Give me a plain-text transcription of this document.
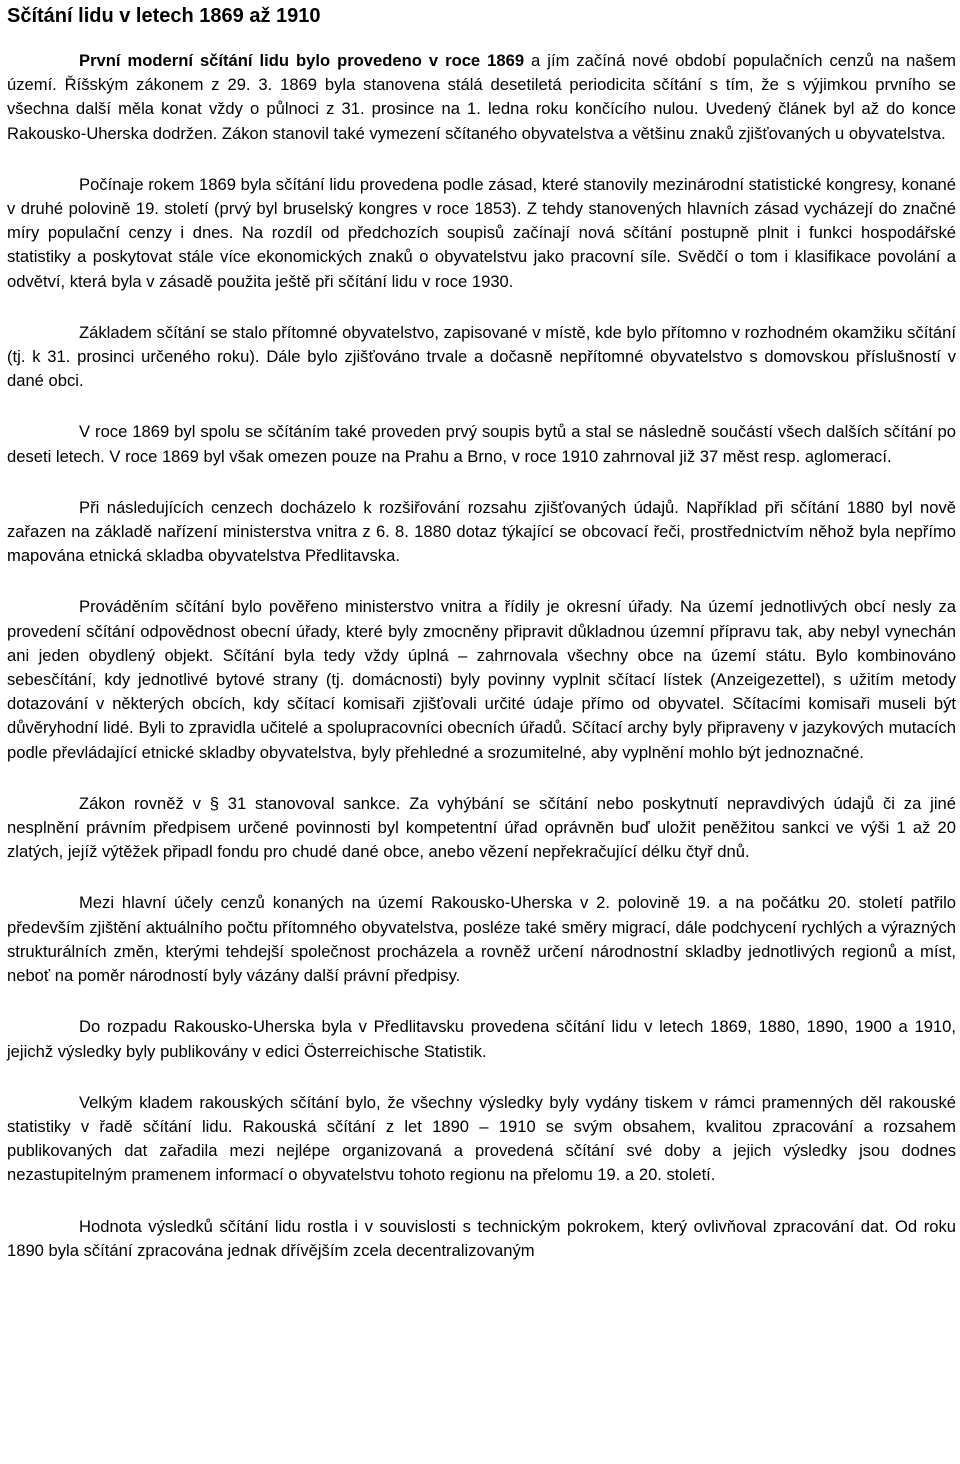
Sčítání lidu v letech 1869 až 1910

První moderní sčítání lidu bylo provedeno v roce 1869 a jím začíná nové období populačních cenzů na našem území. Říšským zákonem z 29. 3. 1869 byla stanovena stálá desetiletá periodicita sčítání s tím, že s výjimkou prvního se všechna další měla konat vždy o půlnoci z 31. prosince na 1. ledna roku končícího nulou. Uvedený článek byl až do konce Rakousko-Uherska dodržen. Zákon stanovil také vymezení sčítaného obyvatelstva a většinu znaků zjišťovaných u obyvatelstva.

Počínaje rokem 1869 byla sčítání lidu provedena podle zásad, které stanovily mezinárodní statistické kongresy, konané v druhé polovině 19. století (prvý byl bruselský kongres v roce 1853). Z tehdy stanovených hlavních zásad vycházejí do značné míry populační cenzy i dnes. Na rozdíl od předchozích soupisů začínají nová sčítání postupně plnit i funkci hospodářské statistiky a poskytovat stále více ekonomických znaků o obyvatelstvu jako pracovní síle. Svědčí o tom i klasifikace povolání a odvětví, která byla v zásadě použita ještě při sčítání lidu v roce 1930.

Základem sčítání se stalo přítomné obyvatelstvo, zapisované v místě, kde bylo přítomno v rozhodném okamžiku sčítání (tj. k 31. prosinci určeného roku). Dále bylo zjišťováno trvale a dočasně nepřítomné obyvatelstvo s domovskou příslušností v dané obci.

V roce 1869 byl spolu se sčítáním také proveden prvý soupis bytů a stal se následně součástí všech dalších sčítání po deseti letech. V roce 1869 byl však omezen pouze na Prahu a Brno, v roce 1910 zahrnoval již 37 měst resp. aglomerací.

Při následujících cenzech docházelo k rozšiřování rozsahu zjišťovaných údajů. Například při sčítání 1880 byl nově zařazen na základě nařízení ministerstva vnitra z 6. 8. 1880 dotaz týkající se obcovací řeči, prostřednictvím něhož byla nepřímo mapována etnická skladba obyvatelstva Předlitavska.

Prováděním sčítání bylo pověřeno ministerstvo vnitra a řídily je okresní úřady. Na území jednotlivých obcí nesly za provedení sčítání odpovědnost obecní úřady, které byly zmocněny připravit důkladnou územní přípravu tak, aby nebyl vynechán ani jeden obydlený objekt. Sčítání byla tedy vždy úplná – zahrnovala všechny obce na území státu. Bylo kombinováno sebesčítání, kdy jednotlivé bytové strany (tj. domácnosti) byly povinny vyplnit sčítací lístek (Anzeigezettel), s užitím metody dotazování v některých obcích, kdy sčítací komisaři zjišťovali určité údaje přímo od obyvatel. Sčítacími komisaři museli být důvěryhodní lidé. Byli to zpravidla učitelé a spolupracovníci obecních úřadů. Sčítací archy byly připraveny v jazykových mutacích podle převládající etnické skladby obyvatelstva, byly přehledné a srozumitelné, aby vyplnění mohlo být jednoznačné.

Zákon rovněž v § 31 stanovoval sankce. Za vyhýbání se sčítání nebo poskytnutí nepravdivých údajů či za jiné nesplnění právním předpisem určené povinnosti byl kompetentní úřad oprávněn buď uložit peněžitou sankci ve výši 1 až 20 zlatých, jejíž výtěžek připadl fondu pro chudé dané obce, anebo vězení nepřekračující délku čtyř dnů.

Mezi hlavní účely cenzů konaných na území Rakousko-Uherska v 2. polovině 19. a na počátku 20. století patřilo především zjištění aktuálního počtu přítomného obyvatelstva, posléze také směry migrací, dále podchycení rychlých a výrazných strukturálních změn, kterými tehdejší společnost procházela a rovněž určení národnostní skladby jednotlivých regionů a míst, neboť na poměr národností byly vázány další právní předpisy.

Do rozpadu Rakousko-Uherska byla v Předlitavsku provedena sčítání lidu v letech 1869, 1880, 1890, 1900 a 1910, jejichž výsledky byly publikovány v edici Österreichische Statistik.

Velkým kladem rakouských sčítání bylo, že všechny výsledky byly vydány tiskem v rámci pramenných děl rakouské statistiky v řadě sčítání lidu. Rakouská sčítání z let 1890 – 1910 se svým obsahem, kvalitou zpracování a rozsahem publikovaných dat zařadila mezi nejlépe organizovaná a provedená sčítání své doby a jejich výsledky jsou dodnes nezastupitelným pramenem informací o obyvatelstvu tohoto regionu na přelomu 19. a 20. století.

Hodnota výsledků sčítání lidu rostla i v souvislosti s technickým pokrokem, který ovlivňoval zpracování dat. Od roku 1890 byla sčítání zpracována jednak dřívějším zcela decentralizovaným
